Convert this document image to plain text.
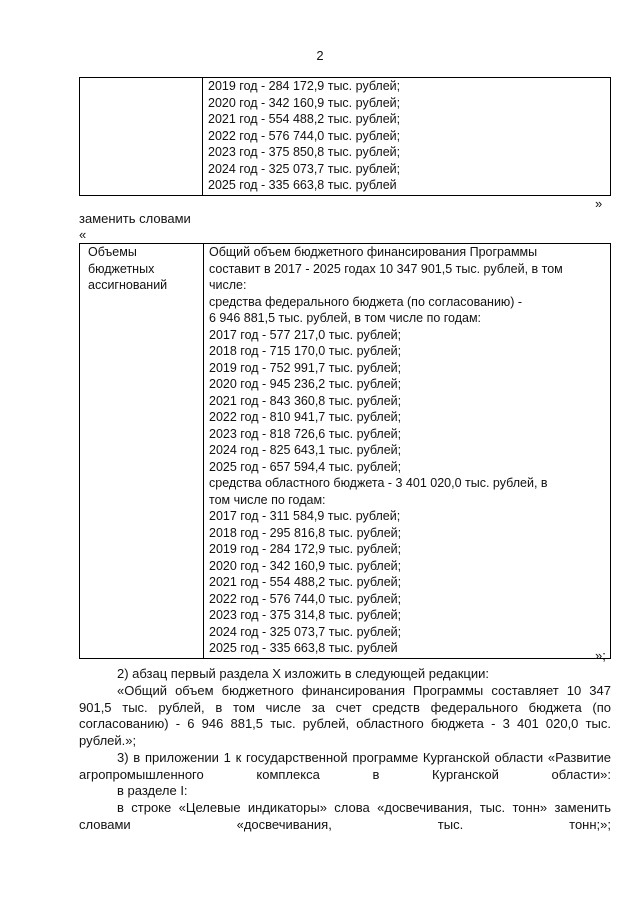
2

2019 год - 284 172,9 тыс. рублей;
2020 год - 342 160,9 тыс. рублей;
2021 год - 554 488,2 тыс. рублей;
2022 год - 576 744,0 тыс. рублей;
2023 год - 375 850,8 тыс. рублей;
2024 год - 325 073,7 тыс. рублей;
2025 год - 335 663,8 тыс. рублей
»
заменить словами
«
Объемы
бюджетных
ассигнований

Общий объем бюджетного финансирования Программы
составит в 2017 - 2025 годах 10 347 901,5 тыс. рублей, в том
числе:
средства федерального бюджета (по согласованию) -
6 946 881,5 тыс. рублей, в том числе по годам:
2017 год - 577 217,0 тыс. рублей;
2018 год - 715 170,0 тыс. рублей;
2019 год - 752 991,7 тыс. рублей;
2020 год - 945 236,2 тыс. рублей;
2021 год - 843 360,8 тыс. рублей;
2022 год - 810 941,7 тыс. рублей;
2023 год - 818 726,6 тыс. рублей;
2024 год - 825 643,1 тыс. рублей;
2025 год - 657 594,4 тыс. рублей;
средства областного бюджета - 3 401 020,0 тыс. рублей, в
том числе по годам:
2017 год - 311 584,9 тыс. рублей;
2018 год - 295 816,8 тыс. рублей;
2019 год - 284 172,9 тыс. рублей;
2020 год - 342 160,9 тыс. рублей;
2021 год - 554 488,2 тыс. рублей;
2022 год - 576 744,0 тыс. рублей;
2023 год - 375 314,8 тыс. рублей;
2024 год - 325 073,7 тыс. рублей;
2025 год - 335 663,8 тыс. рублей	»;
2) абзац первый раздела X изложить в следующей редакции:
«Общий объем бюджетного финансирования Программы составляет 10 347 901,5 тыс. рублей, в том числе за счет средств федерального бюджета (по согласованию) - 6 946 881,5 тыс. рублей, областного бюджета - 3 401 020,0 тыс. рублей.»;
3) в приложении 1 к государственной программе Курганской области «Развитие агропромышленного комплекса в Курганской области»:
в разделе I:
в строке «Целевые индикаторы» слова «досвечивания, тыс. тонн» заменить словами «досвечивания, тыс. тонн;»;
